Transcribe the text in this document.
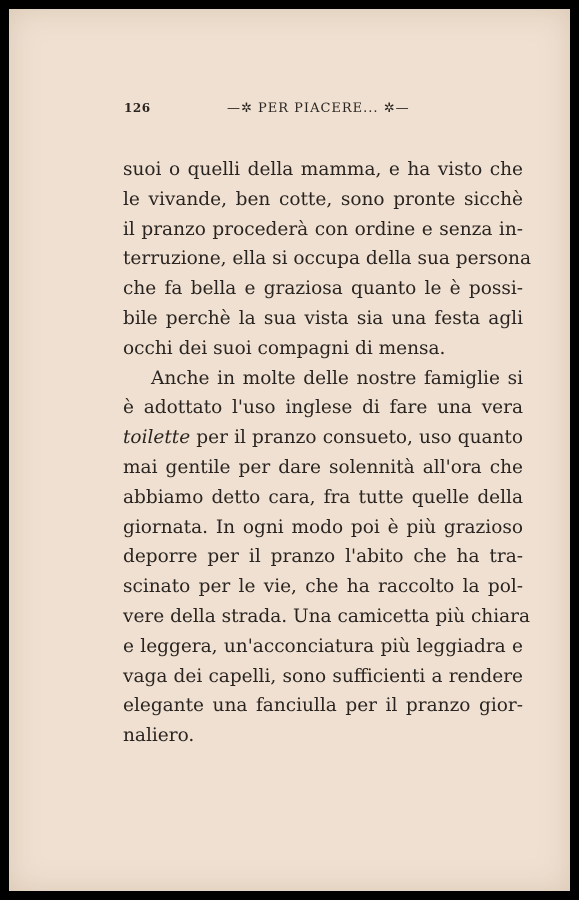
126	—✲ PER PIACERE... ✲—
suoi o quelli della mamma, e ha visto che
le vivande, ben cotte, sono pronte sicchè
il pranzo procederà con ordine e senza in-
terruzione, ella si occupa della sua persona
che fa bella e graziosa quanto le è possi-
bile perchè la sua vista sia una festa agli
occhi dei suoi compagni di mensa.
Anche in molte delle nostre famiglie si
è adottato l'uso inglese di fare una vera
toilette per il pranzo consueto, uso quanto
mai gentile per dare solennità all'ora che
abbiamo detto cara, fra tutte quelle della
giornata. In ogni modo poi è più grazioso
deporre per il pranzo l'abito che ha tra-
scinato per le vie, che ha raccolto la pol-
vere della strada. Una camicetta più chiara
e leggera, un'acconciatura più leggiadra e
vaga dei capelli, sono sufficienti a rendere
elegante una fanciulla per il pranzo gior-
naliero.
